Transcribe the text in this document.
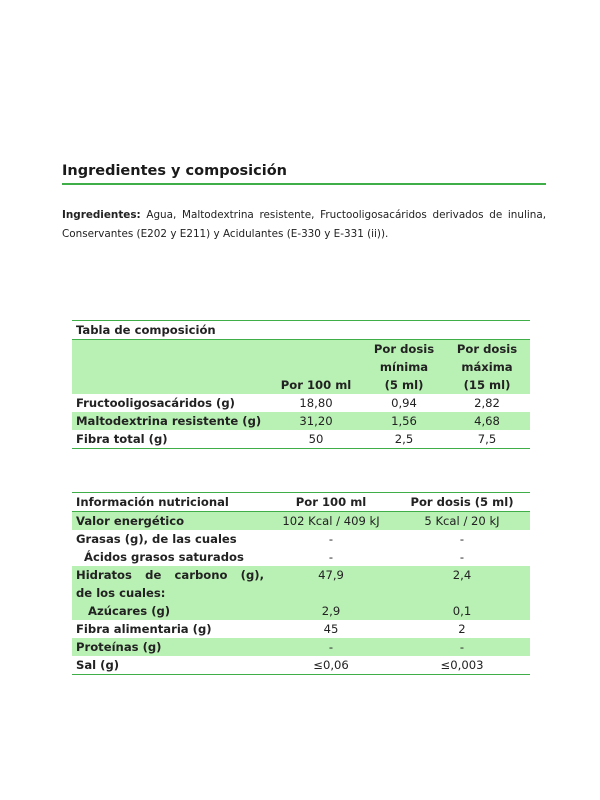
Ingredientes y composición
Ingredientes: Agua, Maltodextrina resistente, Fructooligosacáridos derivados de inulina, Conservantes (E202 y E211) y Acidulantes (E-330 y E-331 (ii)).
Tabla de composición			
	Por 100 ml	Por dosis
mínima
(5 ml)	Por dosis
máxima
(15 ml)
Fructooligosacáridos (g)	18,80	0,94	2,82
Maltodextrina resistente (g)	31,20	1,56	4,68
Fibra total (g)	50	2,5	7,5
Información nutricional	Por 100 ml	Por dosis (5 ml)
Valor energético	102 Kcal / 409 kJ	5 Kcal / 20 kJ
Grasas (g), de las cuales	-	-
Ácidos grasos saturados	-	-
Hidratos de carbono (g),	47,9	2,4
de los cuales:		
Azúcares (g)	2,9	0,1
Fibra alimentaria (g)	45	2
Proteínas (g)	-	-
Sal (g)	≤0,06	≤0,003
